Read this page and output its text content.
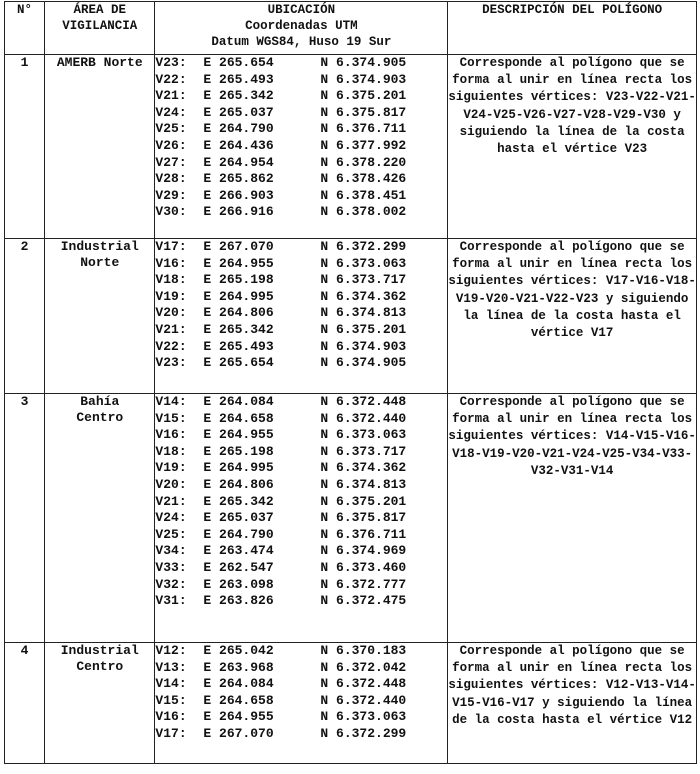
N°	ÁREA DE VIGILANCIA	UBICACIÓN
Coordenadas UTM
Datum WGS84, Huso 19 Sur	DESCRIPCIÓN DEL POLÍGONO
1	AMERB Norte	V23:	E 265.654	N 6.374.905
V22:	E 265.493	N 6.374.903
V21:	E 265.342	N 6.375.201
V24:	E 265.037	N 6.375.817
V25:	E 264.790	N 6.376.711
V26:	E 264.436	N 6.377.992
V27:	E 264.954	N 6.378.220
V28:	E 265.862	N 6.378.426
V29:	E 266.903	N 6.378.451
V30:	E 266.916	N 6.378.002
	Corresponde al polígono que se forma al unir en línea recta los siguientes vértices: V23-V22-V21-V24-V25-V26-V27-V28-V29-V30 y siguiendo la línea de la costa hasta el vértice V23
2	Industrial Norte	
V17:	E 267.070	N 6.372.299
V16:	E 264.955	N 6.373.063
V18:	E 265.198	N 6.373.717
V19:	E 264.995	N 6.374.362
V20:	E 264.806	N 6.374.813
V21:	E 265.342	N 6.375.201
V22:	E 265.493	N 6.374.903
V23:	E 265.654	N 6.374.905
	Corresponde al polígono que se forma al unir en línea recta los siguientes vértices: V17-V16-V18-V19-V20-V21-V22-V23 y siguiendo la línea de la costa hasta el vértice V17
3	Bahía Centro	
V14:	E 264.084	N 6.372.448
V15:	E 264.658	N 6.372.440
V16:	E 264.955	N 6.373.063
V18:	E 265.198	N 6.373.717
V19:	E 264.995	N 6.374.362
V20:	E 264.806	N 6.374.813
V21:	E 265.342	N 6.375.201
V24:	E 265.037	N 6.375.817
V25:	E 264.790	N 6.376.711
V34:	E 263.474	N 6.374.969
V33:	E 262.547	N 6.373.460
V32:	E 263.098	N 6.372.777
V31:	E 263.826	N 6.372.475
	Corresponde al polígono que se forma al unir en línea recta los siguientes vértices: V14-V15-V16-V18-V19-V20-V21-V24-V25-V34-V33-V32-V31-V14
4	Industrial Centro	
V12:	E 265.042	N 6.370.183
V13:	E 263.968	N 6.372.042
V14:	E 264.084	N 6.372.448
V15:	E 264.658	N 6.372.440
V16:	E 264.955	N 6.373.063
V17:	E 267.070	N 6.372.299
	Corresponde al polígono que se forma al unir en línea recta los siguientes vértices: V12-V13-V14-V15-V16-V17 y siguiendo la línea de la costa hasta el vértice V12
